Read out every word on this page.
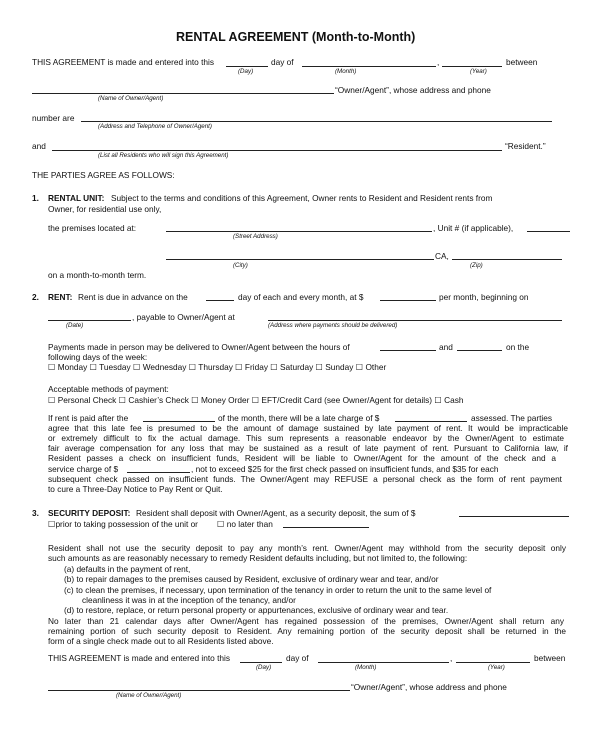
RENTAL AGREEMENT (Month-to-Month)
THIS AGREEMENT is made and entered into this	day of	,	between
(Day)	(Month)	(Year)
“Owner/Agent”, whose address and phone
(Name of Owner/Agent)
number are
(Address and Telephone of Owner/Agent)
and	“Resident.”
(List all Residents who will sign this Agreement)
THE PARTIES AGREE AS FOLLOWS:
1. RENTAL UNIT: Subject to the terms and conditions of this Agreement, Owner rents to Resident and Resident rents from
Owner, for residential use only,
the premises located at:	, Unit # (if applicable),
(Street Address)
CA,
(City)	(Zip)
on a month-to-month term.
2. RENT: Rent is due in advance on the	day of each and every month, at $	per month, beginning on
, payable to Owner/Agent at
(Date)	(Address where payments should be delivered)
Payments made in person may be delivered to Owner/Agent between the hours of	and	on the
following days of the week:
☐ Monday ☐ Tuesday ☐ Wednesday ☐ Thursday ☐ Friday ☐ Saturday ☐ Sunday ☐ Other
Acceptable methods of payment:
☐ Personal Check ☐ Cashier’s Check ☐ Money Order ☐ EFT/Credit Card (see Owner/Agent for details) ☐ Cash
If rent is paid after the	of the month, there will be a late charge of $	assessed. The parties
agree that this late fee is presumed to be the amount of damage sustained by late payment of rent. It would be impracticable
or extremely difficult to fix the actual damage. This sum represents a reasonable endeavor by the Owner/Agent to estimate
fair average compensation for any loss that may be sustained as a result of late payment of rent. Pursuant to California law, if
Resident passes a check on insufficient funds, Resident will be liable to Owner/Agent for the amount of the check and a
service charge of $	, not to exceed $25 for the first check passed on insufficient funds, and $35 for each
subsequent check passed on insufficient funds. The Owner/Agent may REFUSE a personal check as the form of rent payment
to cure a Three-Day Notice to Pay Rent or Quit.
3. SECURITY DEPOSIT: Resident shall deposit with Owner/Agent, as a security deposit, the sum of $
☐prior to taking possession of the unit or ☐ no later than
Resident shall not use the security deposit to pay any month’s rent. Owner/Agent may withhold from the security deposit only
such amounts as are reasonably necessary to remedy Resident defaults including, but not limited to, the following:
(a) defaults in the payment of rent,
(b) to repair damages to the premises caused by Resident, exclusive of ordinary wear and tear, and/or
(c) to clean the premises, if necessary, upon termination of the tenancy in order to return the unit to the same level of
cleanliness it was in at the inception of the tenancy, and/or
(d) to restore, replace, or return personal property or appurtenances, exclusive of ordinary wear and tear.
No later than 21 calendar days after Owner/Agent has regained possession of the premises, Owner/Agent shall return any
remaining portion of such security deposit to Resident. Any remaining portion of the security deposit shall be returned in the
form of a single check made out to all Residents listed above.
THIS AGREEMENT is made and entered into this	day of	,	between
(Day)	(Month)	(Year)
“Owner/Agent”, whose address and phone
(Name of Owner/Agent)
